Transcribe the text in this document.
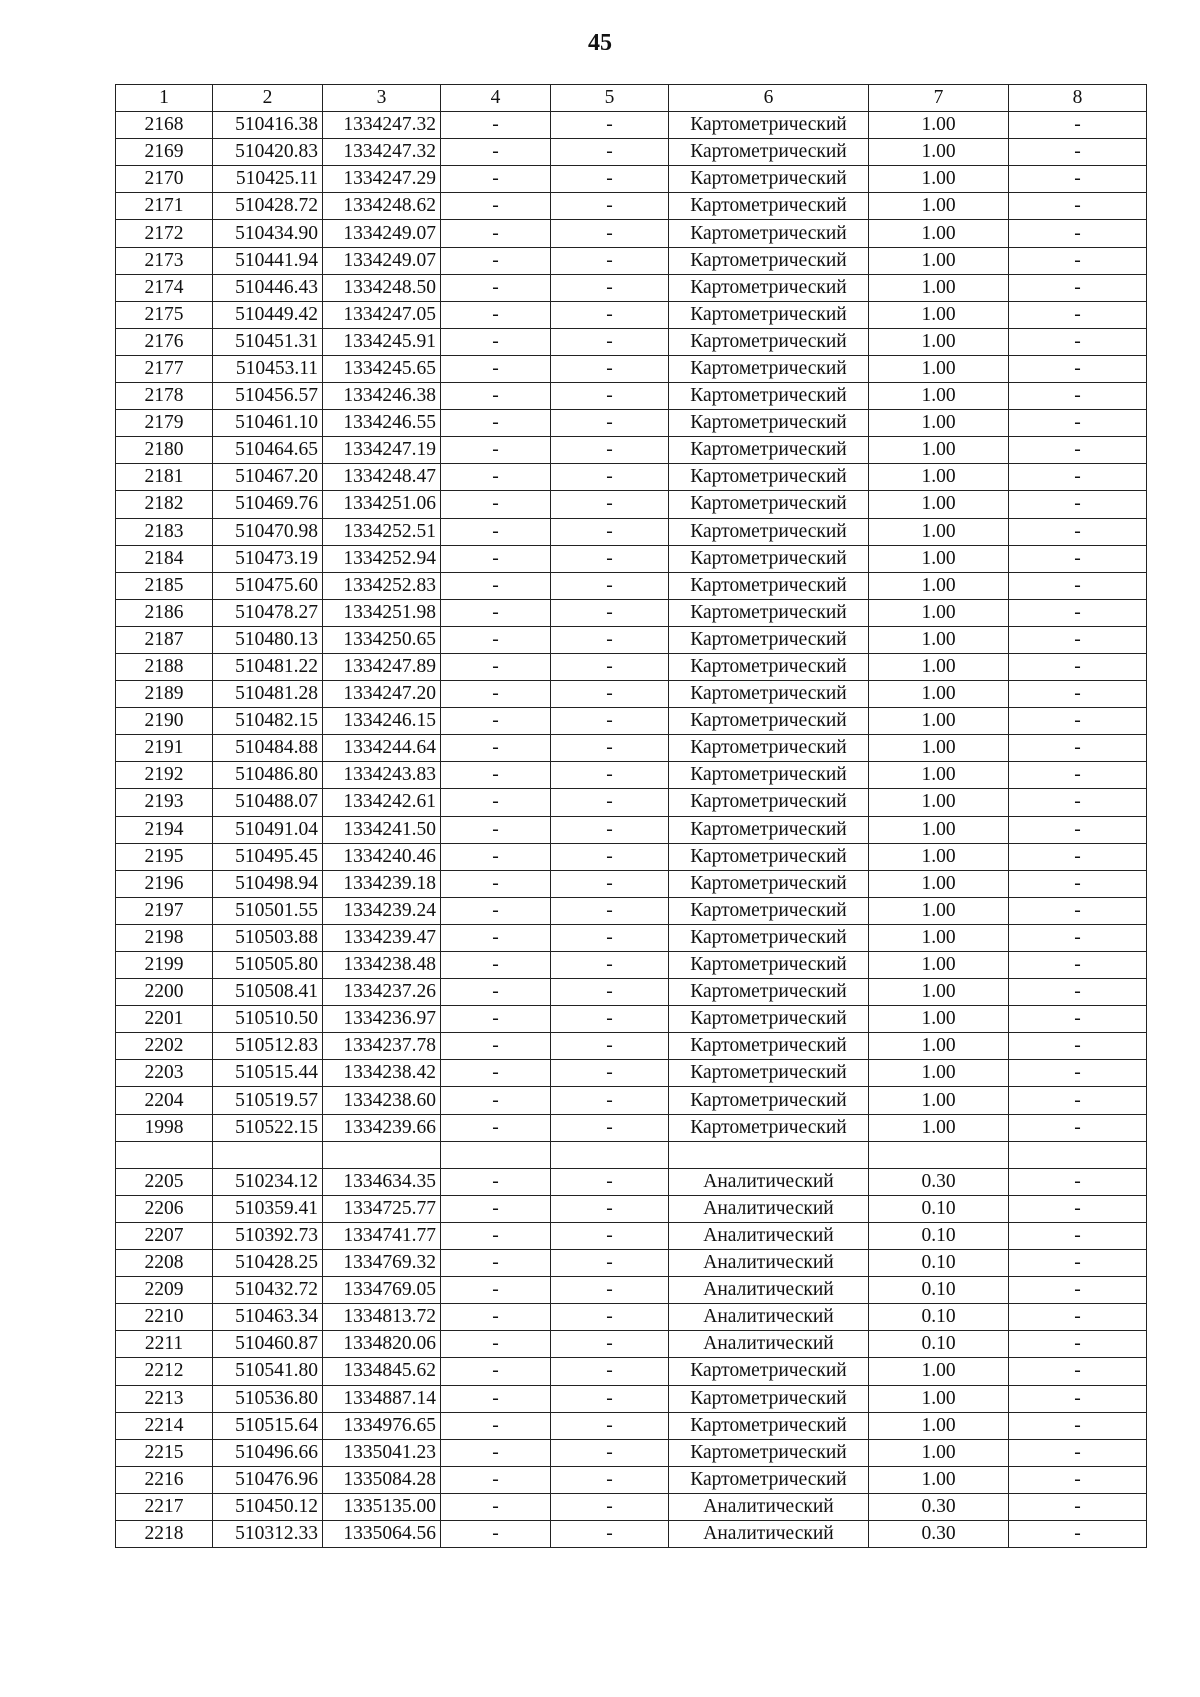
45
1	2	3	4	5	6	7	8
2168	510416.38	1334247.32	-	-	Картометрический	1.00	-
2169	510420.83	1334247.32	-	-	Картометрический	1.00	-
2170	510425.11	1334247.29	-	-	Картометрический	1.00	-
2171	510428.72	1334248.62	-	-	Картометрический	1.00	-
2172	510434.90	1334249.07	-	-	Картометрический	1.00	-
2173	510441.94	1334249.07	-	-	Картометрический	1.00	-
2174	510446.43	1334248.50	-	-	Картометрический	1.00	-
2175	510449.42	1334247.05	-	-	Картометрический	1.00	-
2176	510451.31	1334245.91	-	-	Картометрический	1.00	-
2177	510453.11	1334245.65	-	-	Картометрический	1.00	-
2178	510456.57	1334246.38	-	-	Картометрический	1.00	-
2179	510461.10	1334246.55	-	-	Картометрический	1.00	-
2180	510464.65	1334247.19	-	-	Картометрический	1.00	-
2181	510467.20	1334248.47	-	-	Картометрический	1.00	-
2182	510469.76	1334251.06	-	-	Картометрический	1.00	-
2183	510470.98	1334252.51	-	-	Картометрический	1.00	-
2184	510473.19	1334252.94	-	-	Картометрический	1.00	-
2185	510475.60	1334252.83	-	-	Картометрический	1.00	-
2186	510478.27	1334251.98	-	-	Картометрический	1.00	-
2187	510480.13	1334250.65	-	-	Картометрический	1.00	-
2188	510481.22	1334247.89	-	-	Картометрический	1.00	-
2189	510481.28	1334247.20	-	-	Картометрический	1.00	-
2190	510482.15	1334246.15	-	-	Картометрический	1.00	-
2191	510484.88	1334244.64	-	-	Картометрический	1.00	-
2192	510486.80	1334243.83	-	-	Картометрический	1.00	-
2193	510488.07	1334242.61	-	-	Картометрический	1.00	-
2194	510491.04	1334241.50	-	-	Картометрический	1.00	-
2195	510495.45	1334240.46	-	-	Картометрический	1.00	-
2196	510498.94	1334239.18	-	-	Картометрический	1.00	-
2197	510501.55	1334239.24	-	-	Картометрический	1.00	-
2198	510503.88	1334239.47	-	-	Картометрический	1.00	-
2199	510505.80	1334238.48	-	-	Картометрический	1.00	-
2200	510508.41	1334237.26	-	-	Картометрический	1.00	-
2201	510510.50	1334236.97	-	-	Картометрический	1.00	-
2202	510512.83	1334237.78	-	-	Картометрический	1.00	-
2203	510515.44	1334238.42	-	-	Картометрический	1.00	-
2204	510519.57	1334238.60	-	-	Картометрический	1.00	-
1998	510522.15	1334239.66	-	-	Картометрический	1.00	-

2205	510234.12	1334634.35	-	-	Аналитический	0.30	-
2206	510359.41	1334725.77	-	-	Аналитический	0.10	-
2207	510392.73	1334741.77	-	-	Аналитический	0.10	-
2208	510428.25	1334769.32	-	-	Аналитический	0.10	-
2209	510432.72	1334769.05	-	-	Аналитический	0.10	-
2210	510463.34	1334813.72	-	-	Аналитический	0.10	-
2211	510460.87	1334820.06	-	-	Аналитический	0.10	-
2212	510541.80	1334845.62	-	-	Картометрический	1.00	-
2213	510536.80	1334887.14	-	-	Картометрический	1.00	-
2214	510515.64	1334976.65	-	-	Картометрический	1.00	-
2215	510496.66	1335041.23	-	-	Картометрический	1.00	-
2216	510476.96	1335084.28	-	-	Картометрический	1.00	-
2217	510450.12	1335135.00	-	-	Аналитический	0.30	-
2218	510312.33	1335064.56	-	-	Аналитический	0.30	-
